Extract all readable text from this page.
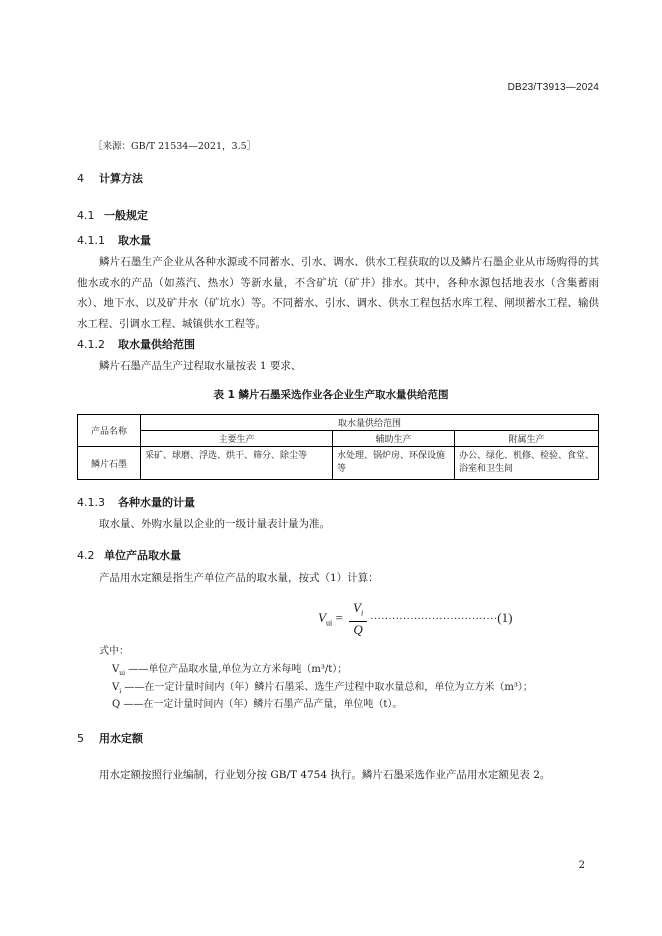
DB23/T3913—2024
［来源：GB/T 21534—2021，3.5］
4 计算方法
4.1 一般规定
4.1.1 取水量
鳞片石墨生产企业从各种水源或不同蓄水、引水、调水、供水工程获取的以及鳞片石墨企业从市场购得的其他水或水的产品（如蒸汽、热水）等新水量，不含矿坑（矿井）排水。其中，各种水源包括地表水（含集蓄雨水）、地下水、以及矿井水（矿坑水）等。不同蓄水、引水、调水、供水工程包括水库工程、闸坝蓄水工程、输供水工程、引调水工程、城镇供水工程等。
4.1.2 取水量供给范围
鳞片石墨产品生产过程取水量按表 1 要求、
表 1 鳞片石墨采选作业各企业生产取水量供给范围
产品名称	取水量供给范围		
	主要生产	辅助生产	附属生产
鳞片石墨	采矿、球磨、浮选、烘干、筛分、除尘等	水处理、锅炉房、环保设施等	办公、绿化、机修、检验、食堂、浴室和卫生间
4.1.3 各种水量的计量
取水量、外购水量以企业的一级计量表计量为准。
4.2 单位产品取水量
产品用水定额是指生产单位产品的取水量，按式（1）计算：
$V_{ui} = \frac{V_i}{Q} \cdot\cdot\cdot\cdot\cdot\cdot\cdot\cdot\cdot\cdot\cdot\cdot\cdot\cdot\cdot\cdot\cdot\cdot\cdot\cdot\cdot\cdot\cdot\cdot\cdot\cdot\cdot\cdot\cdot\cdot\cdot\cdot\cdot\cdot\cdot(1)$
式中：
$V_{ui}$ ——单位产品取水量,单位为立方米每吨（m³/t）；
$V_i$ ——在一定计量时间内（年）鳞片石墨采、选生产过程中取水量总和，单位为立方米（m³）；
Q ——在一定计量时间内（年）鳞片石墨产品产量，单位吨（t）。
5 用水定额
用水定额按照行业编制，行业划分按 GB/T 4754 执行。鳞片石墨采选作业产品用水定额见表 2。
2
